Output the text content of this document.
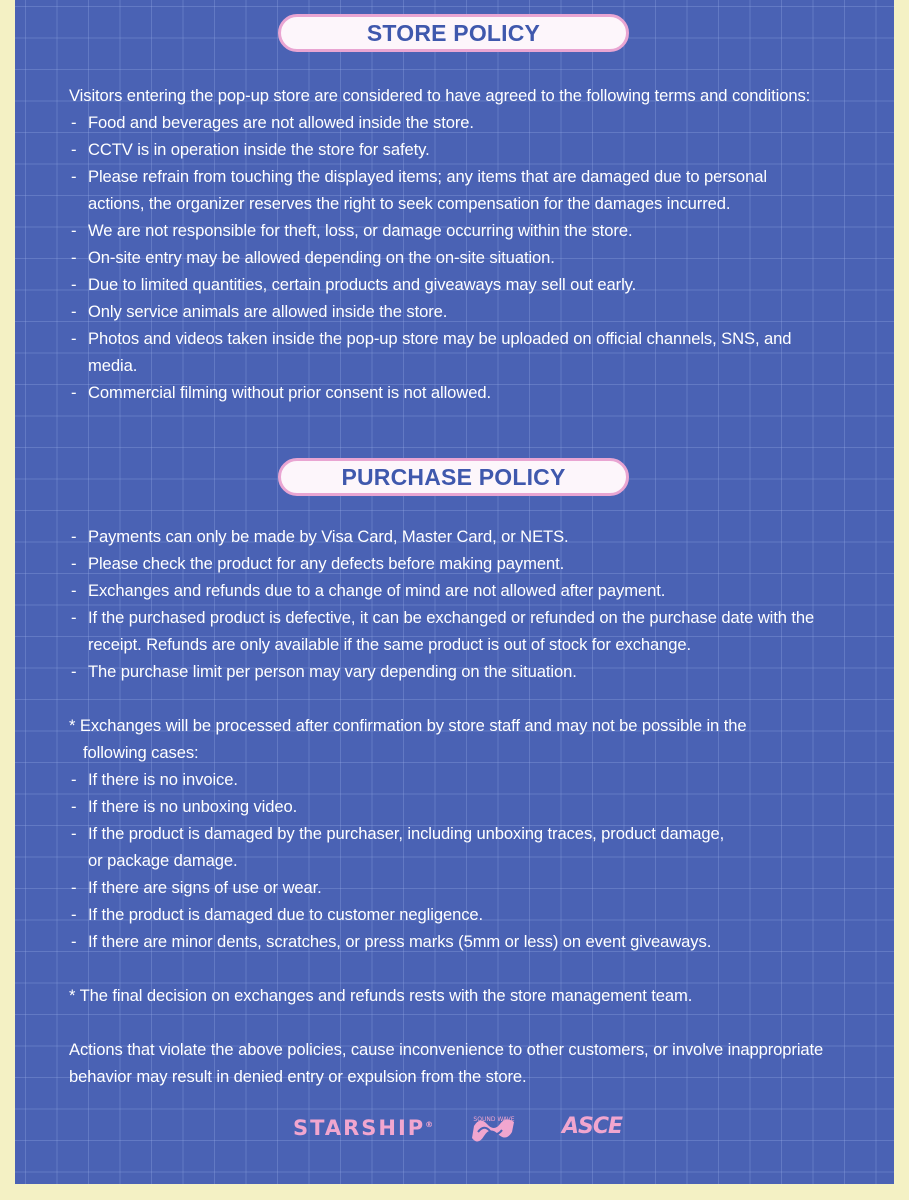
STORE POLICY
Visitors entering the pop-up store are considered to have agreed to the following terms and conditions:
- Food and beverages are not allowed inside the store.
- CCTV is in operation inside the store for safety.
- Please refrain from touching the displayed items; any items that are damaged due to personal
actions, the organizer reserves the right to seek compensation for the damages incurred.
- We are not responsible for theft, loss, or damage occurring within the store.
- On-site entry may be allowed depending on the on-site situation.
- Due to limited quantities, certain products and giveaways may sell out early.
- Only service animals are allowed inside the store.
- Photos and videos taken inside the pop-up store may be uploaded on official channels, SNS, and
media.
- Commercial filming without prior consent is not allowed.
PURCHASE POLICY
- Payments can only be made by Visa Card, Master Card, or NETS.
- Please check the product for any defects before making payment.
- Exchanges and refunds due to a change of mind are not allowed after payment.
- If the purchased product is defective, it can be exchanged or refunded on the purchase date with the
receipt. Refunds are only available if the same product is out of stock for exchange.
- The purchase limit per person may vary depending on the situation.
* Exchanges will be processed after confirmation by store staff and may not be possible in the
following cases:
- If there is no invoice.
- If there is no unboxing video.
- If the product is damaged by the purchaser, including unboxing traces, product damage,
or package damage.
- If there are signs of use or wear.
- If the product is damaged due to customer negligence.
- If there are minor dents, scratches, or press marks (5mm or less) on event giveaways.
* The final decision on exchanges and refunds rests with the store management team.
Actions that violate the above policies, cause inconvenience to other customers, or involve inappropriate
behavior may result in denied entry or expulsion from the store.
STARSHIP®
SOUND WAVE ASCE
